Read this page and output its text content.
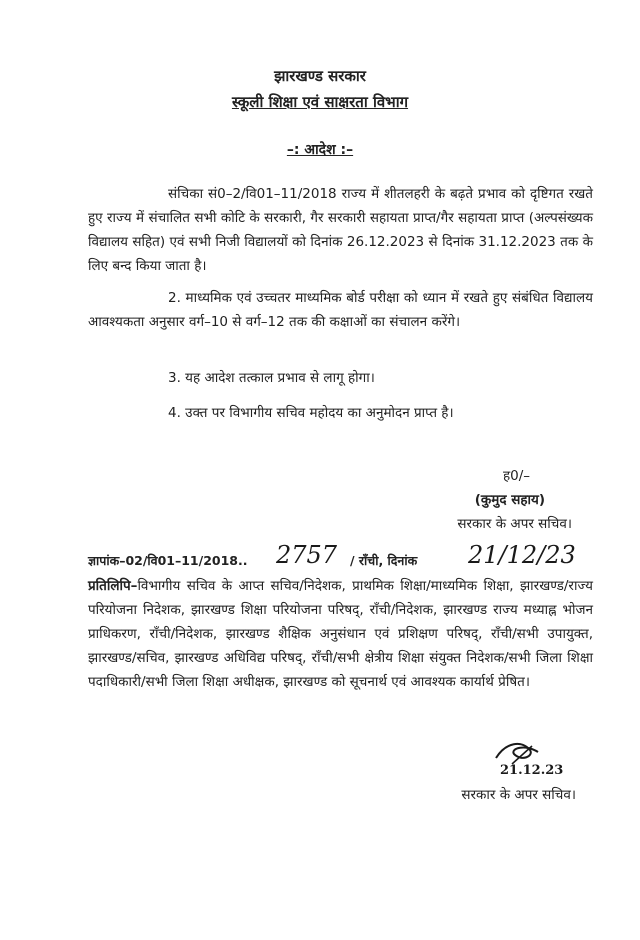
झारखण्ड सरकार
स्कूली शिक्षा एवं साक्षरता विभाग
–: आदेश :–
संचिका सं0–2/वि01–11/2018 राज्य में शीतलहरी के बढ़ते प्रभाव को दृष्टिगत रखते हुए राज्य में संचालित सभी कोटि के सरकारी, गैर सरकारी सहायता प्राप्त/गैर सहायता प्राप्त (अल्पसंख्यक विद्यालय सहित) एवं सभी निजी विद्यालयों को दिनांक 26.12.2023 से दिनांक 31.12.2023 तक के लिए बन्द किया जाता है।
2. माध्यमिक एवं उच्चतर माध्यमिक बोर्ड परीक्षा को ध्यान में रखते हुए संबंधित विद्यालय आवश्यकता अनुसार वर्ग–10 से वर्ग–12 तक की कक्षाओं का संचालन करेंगे।
3. यह आदेश तत्काल प्रभाव से लागू होगा।
4. उक्त पर विभागीय सचिव महोदय का अनुमोदन प्राप्त है।
ह0/–
(कुमुद सहाय)
सरकार के अपर सचिव।
ज्ञापांक–02/वि01–11/2018.. 2757 / राँची, दिनांक 21/12/23
प्रतिलिपि–विभागीय सचिव के आप्त सचिव/निदेशक, प्राथमिक शिक्षा/माध्यमिक शिक्षा, झारखण्ड/राज्य परियोजना निदेशक, झारखण्ड शिक्षा परियोजना परिषद्, राँची/निदेशक, झारखण्ड राज्य मध्याह्न भोजन प्राधिकरण, राँची/निदेशक, झारखण्ड शैक्षिक अनुसंधान एवं प्रशिक्षण परिषद्, राँची/सभी उपायुक्त, झारखण्ड/सचिव, झारखण्ड अधिविद्य परिषद्, राँची/सभी क्षेत्रीय शिक्षा संयुक्त निदेशक/सभी जिला शिक्षा पदाधिकारी/सभी जिला शिक्षा अधीक्षक, झारखण्ड को सूचनार्थ एवं आवश्यक कार्यार्थ प्रेषित।
21.12.23
सरकार के अपर सचिव।
